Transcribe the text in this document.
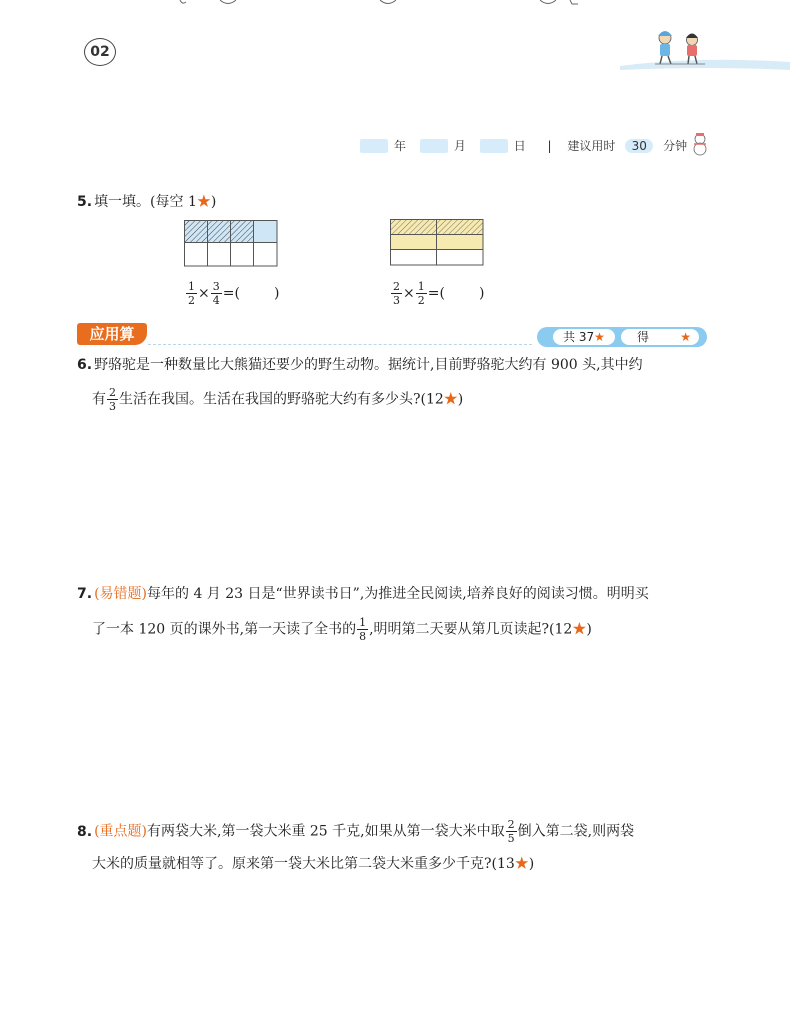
02
年	月	日 | 建议用时 30 分钟
5. 填一填。(每空 1★)
$\frac{1}{2} \times \frac{3}{4}$ =( )	$\frac{2}{3} \times \frac{1}{2}$ =( )
应用算	共 37★	得	★
6. 野骆驼是一种数量比大熊猫还要少的野生动物。据统计,目前野骆驼大约有 900 头,其中约
有 $\frac{2}{3}$ 生活在我国。生活在我国的野骆驼大约有多少头?(12★)
7. (易错题)每年的 4 月 23 日是“世界读书日”,为推进全民阅读,培养良好的阅读习惯。明明买
了一本 120 页的课外书,第一天读了全书的 $\frac{1}{8}$ ,明明第二天要从第几页读起?(12★)
8. (重点题)有两袋大米,第一袋大米重 25 千克,如果从第一袋大米中取 $\frac{2}{5}$ 倒入第二袋,则两袋
大米的质量就相等了。原来第一袋大米比第二袋大米重多少千克?(13★)
